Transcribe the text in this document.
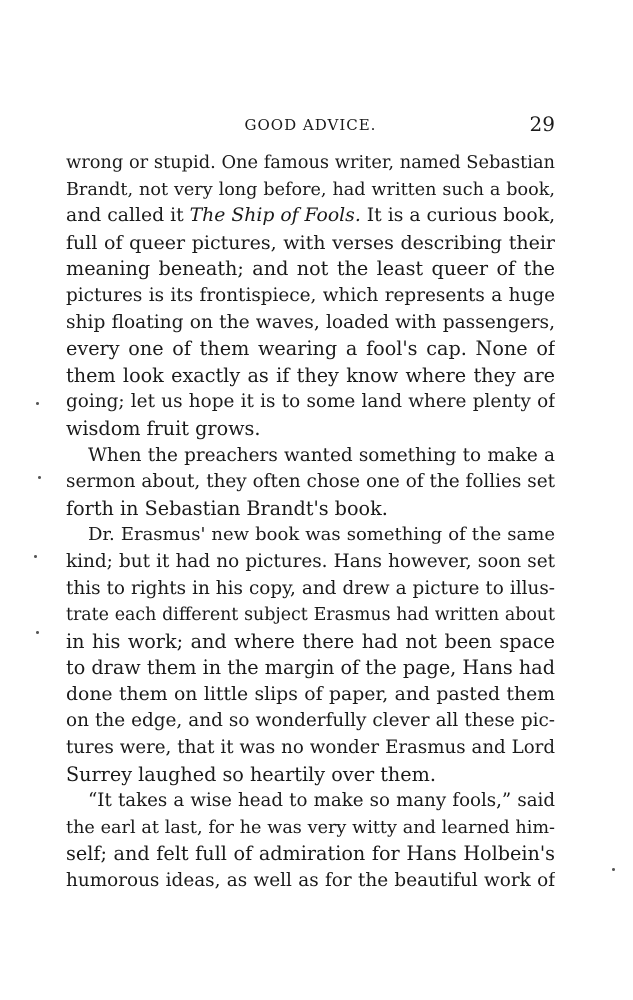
GOOD ADVICE.	29
wrong or stupid. One famous writer, named Sebastian
Brandt, not very long before, had written such a book,
and called it The Ship of Fools. It is a curious book,
full of queer pictures, with verses describing their
meaning beneath; and not the least queer of the
pictures is its frontispiece, which represents a huge
ship floating on the waves, loaded with passengers,
every one of them wearing a fool's cap. None of
them look exactly as if they know where they are
going; let us hope it is to some land where plenty of
wisdom fruit grows.
When the preachers wanted something to make a
sermon about, they often chose one of the follies set
forth in Sebastian Brandt's book.
Dr. Erasmus' new book was something of the same
kind; but it had no pictures. Hans however, soon set
this to rights in his copy, and drew a picture to illus-
trate each different subject Erasmus had written about
in his work; and where there had not been space
to draw them in the margin of the page, Hans had
done them on little slips of paper, and pasted them
on the edge, and so wonderfully clever all these pic-
tures were, that it was no wonder Erasmus and Lord
Surrey laughed so heartily over them.
“It takes a wise head to make so many fools,” said
the earl at last, for he was very witty and learned him-
self; and felt full of admiration for Hans Holbein's
humorous ideas, as well as for the beautiful work of
